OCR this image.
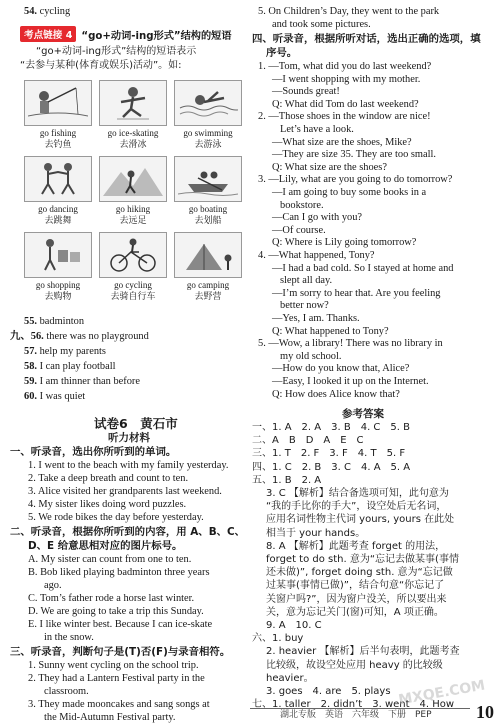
54. cycling
考点链接 4 “go+动词-ing形式”结构的短语
“go+动词-ing形式”结构的短语表示
“去参与某种(体育或娱乐)活动”。如:
go fishing
去钓鱼
go ice-skating
去滑冰
go swimming
去游泳
go dancing
去跳舞
go hiking
去远足
go boating
去划船
go shopping
去购物
go cycling
去骑自行车
go camping
去野营
55. badminton
九、56. there was no playground
57. help my parents
58. I can play football
59. I am thinner than before
60. I was quiet
试卷6　黄石市
听力材料
一、听录音，选出你所听到的单词。
1. I went to the beach with my family yesterday.
2. Take a deep breath and count to ten.
3. Alice visited her grandparents last weekend.
4. My sister likes doing word puzzles.
5. We rode bikes the day before yesterday.
二、听录音，根据你所听到的内容，用 A、B、C、
D、E 给意思相对应的图片标号。
A. My sister can count from one to ten.
B. Bob liked playing badminton three years
ago.
C. Tom’s father rode a horse last winter.
D. We are going to take a trip this Sunday.
E. I like winter best. Because I can ice-skate
in the snow.
三、听录音，判断句子是(T)否(F)与录音相符。
1. Sunny went cycling on the school trip.
2. They had a Lantern Festival party in the
classroom.
3. They made mooncakes and sang songs at
the Mid-Autumn Festival party.
5. On Children’s Day, they went to the park
and took some pictures.
四、听录音，根据所听对话，选出正确的选项，填
序号。
1. —Tom, what did you do last weekend?
—I went shopping with my mother.
—Sounds great!
Q: What did Tom do last weekend?
2. —Those shoes in the window are nice!
Let’s have a look.
—What size are the shoes, Mike?
—They are size 35. They are too small.
Q: What size are the shoes?
3. —Lily, what are you going to do tomorrow?
—I am going to buy some books in a
bookstore.
—Can I go with you?
—Of course.
Q: Where is Lily going tomorrow?
4. —What happened, Tony?
—I had a bad cold. So I stayed at home and
slept all day.
—I’m sorry to hear that. Are you feeling
better now?
—Yes, I am. Thanks.
Q: What happened to Tony?
5. —Wow, a library! There was no library in
my old school.
—How do you know that, Alice?
—Easy, I looked it up on the Internet.
Q: How does Alice know that?
参考答案
一、1. A　2. A　3. B　4. C　5. B
二、A　B　D　A　E　C
三、1. T　2. F　3. F　4. T　5. F
四、1. C　2. B　3. C　4. A　5. A
五、1. B　2. A
3. C 【解析】结合备选项可知，此句意为
“我的手比你的手大”，设空处后无名词，
应用名词性物主代词 yours, yours 在此处
相当于 your hands。
8. A 【解析】此题考查 forget 的用法，
forget to do sth. 意为“忘记去做某事(事情
还未做)”, forget doing sth. 意为“忘记做
过某事(事情已做)”，结合句意“你忘记了
关窗户吗?”，因为窗户没关，所以要出来
关，意为忘记关门(窗)可知，A 项正确。
9. A　10. C
六、1. buy
2. heavier 【解析】后半句表明，此题考查
比较级，故设空处应用 heavy 的比较级
heavier。
3. goes　4. are　5. plays
七、1. taller　2. didn’t　3. went　4. How
MXQE.COM
湖北专版　英语　六年级　下册　PEP 10
